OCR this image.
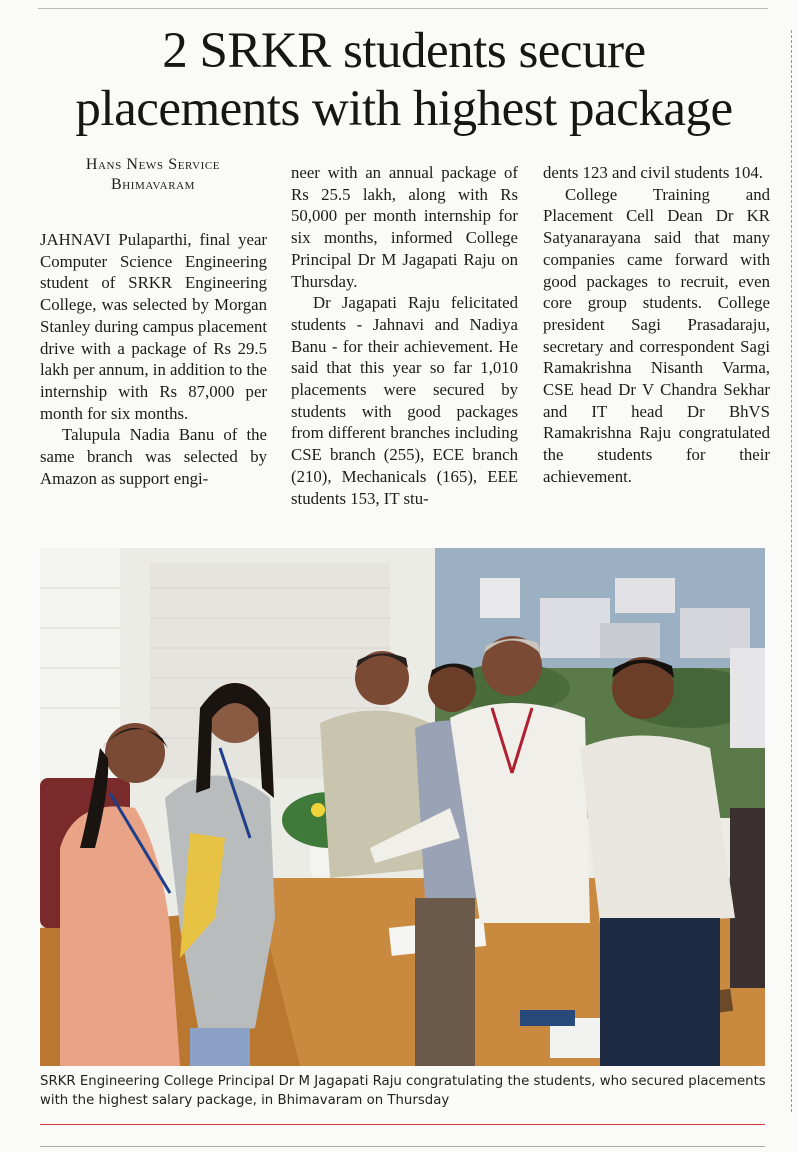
2 SRKR students secure
placements with highest package
Hans News Service
Bhimavaram

JAHNAVI Pulaparthi, final year Computer Science Engineering student of SRKR Engineering College, was selected by Morgan Stanley during campus placement drive with a package of Rs 29.5 lakh per annum, in addition to the internship with Rs 87,000 per month for six months.

Talupula Nadia Banu of the same branch was selected by Amazon as support engi-

neer with an annual package of Rs 25.5 lakh, along with Rs 50,000 per month internship for six months, informed College Principal Dr M Jagapati Raju on Thursday.

Dr Jagapati Raju felicitated students - Jahnavi and Nadiya Banu - for their achievement. He said that this year so far 1,010 placements were secured by students with good packages from different branches including CSE branch (255), ECE branch (210), Mechanicals (165), EEE students 153, IT stu-

dents 123 and civil students 104.

College Training and Placement Cell Dean Dr KR Satyanarayana said that many companies came forward with good packages to recruit, even core group students. College president Sagi Prasadaraju, secretary and correspondent Sagi Ramakrishna Nisanth Varma, CSE head Dr V Chandra Sekhar and IT head Dr BhVS Ramakrishna Raju congratulated the students for their achievement.

SRKR Engineering College Principal Dr M Jagapati Raju congratulating the students, who secured placements with the highest salary package, in Bhimavaram on Thursday
